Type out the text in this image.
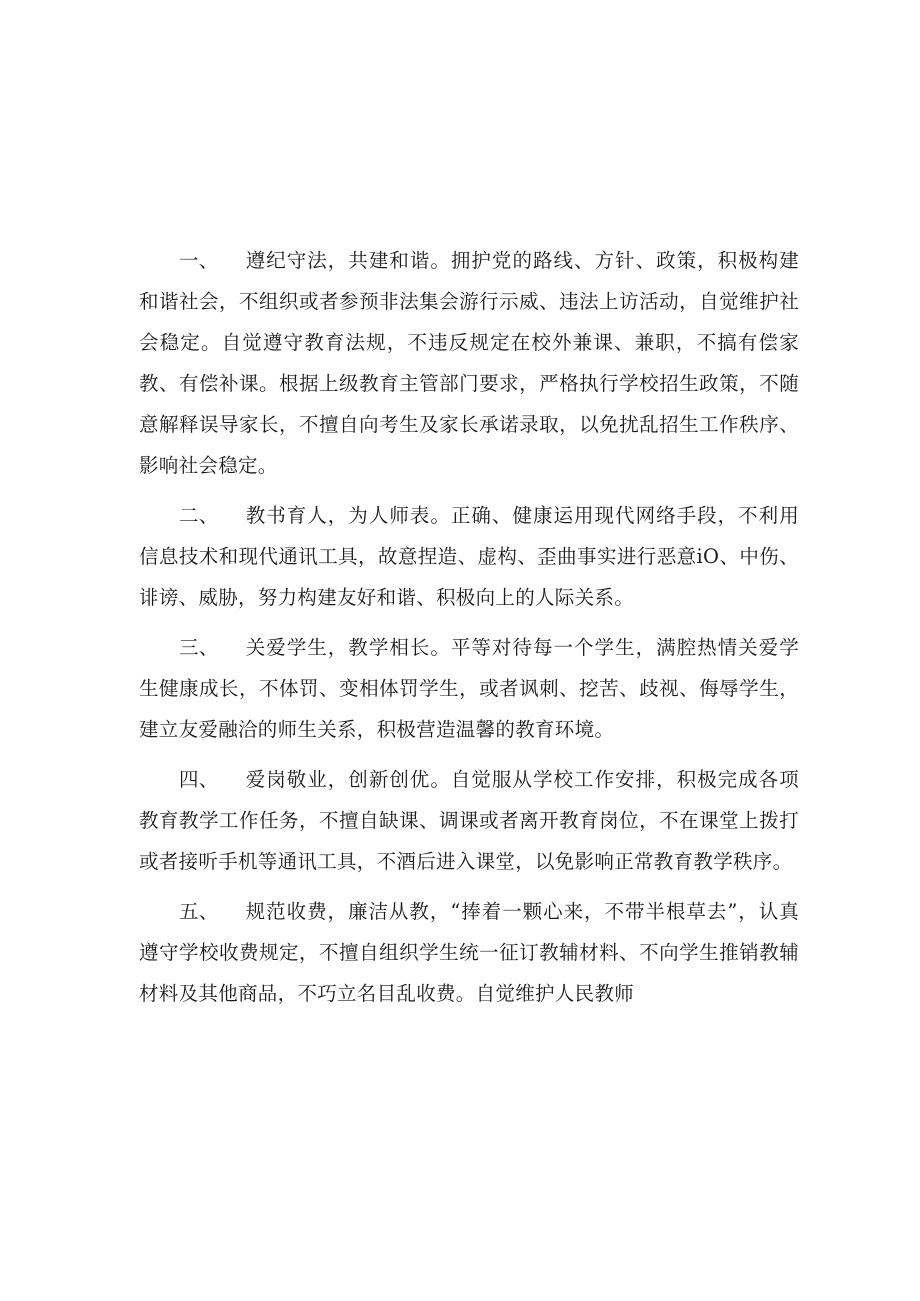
一、 遵纪守法，共建和谐。拥护党的路线、方针、政策，积极构建和谐社会，不组织或者参预非法集会游行示威、违法上访活动，自觉维护社会稳定。自觉遵守教育法规，不违反规定在校外兼课、兼职，不搞有偿家教、有偿补课。根据上级教育主管部门要求，严格执行学校招生政策，不随意解释误导家长，不擅自向考生及家长承诺录取，以免扰乱招生工作秩序、影响社会稳定。

二、 教书育人，为人师表。正确、健康运用现代网络手段，不利用信息技术和现代通讯工具，故意捏造、虚构、歪曲事实进行恶意iO、中伤、诽谤、威胁，努力构建友好和谐、积极向上的人际关系。

三、 关爱学生，教学相长。平等对待每一个学生，满腔热情关爱学生健康成长，不体罚、变相体罚学生，或者讽刺、挖苦、歧视、侮辱学生，建立友爱融洽的师生关系，积极营造温馨的教育环境。

四、 爱岗敬业，创新创优。自觉服从学校工作安排，积极完成各项教育教学工作任务，不擅自缺课、调课或者离开教育岗位，不在课堂上拨打或者接听手机等通讯工具，不酒后进入课堂，以免影响正常教育教学秩序。

五、 规范收费，廉洁从教，“捧着一颗心来，不带半根草去”，认真遵守学校收费规定，不擅自组织学生统一征订教辅材料、不向学生推销教辅材料及其他商品，不巧立名目乱收费。自觉维护人民教师
